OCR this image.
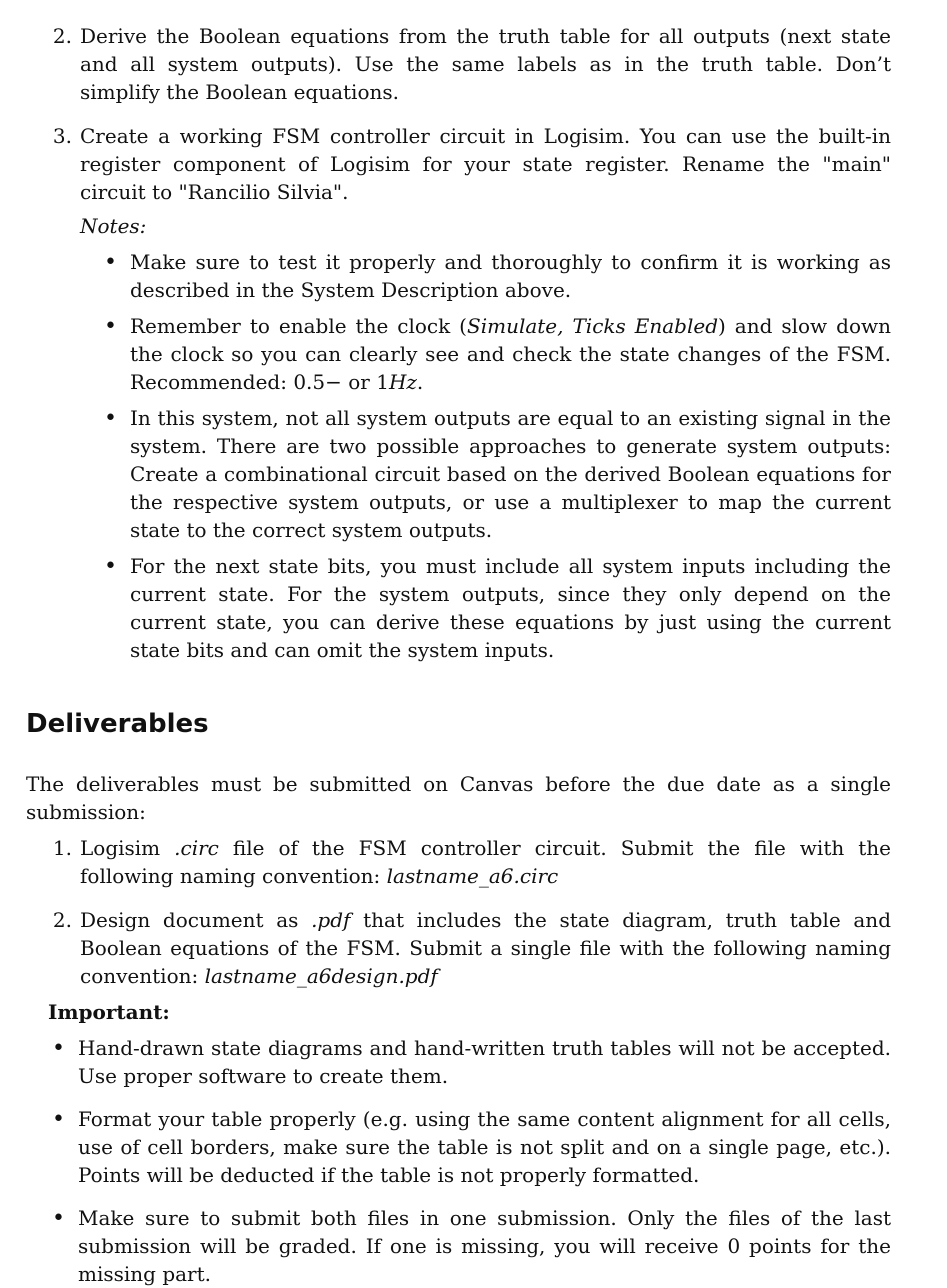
2. Derive the Boolean equations from the truth table for all outputs (next state and all system outputs). Use the same labels as in the truth table. Don’t simplify the Boolean equations.
3. Create a working FSM controller circuit in Logisim. You can use the built-in register component of Logisim for your state register. Rename the "main" circuit to "Rancilio Silvia".
Notes:
•
Make sure to test it properly and thoroughly to confirm it is working as described in the System Description above.
•
Remember to enable the clock (Simulate, Ticks Enabled) and slow down the clock so you can clearly see and check the state changes of the FSM. Recommended: 0.5− or 1Hz.
•
In this system, not all system outputs are equal to an existing signal in the system. There are two possible approaches to generate system outputs: Create a combinational circuit based on the derived Boolean equations for the respective system outputs, or use a multiplexer to map the current state to the correct system outputs.
•
For the next state bits, you must include all system inputs including the current state. For the system outputs, since they only depend on the current state, you can derive these equations by just using the current state bits and can omit the system inputs.
Deliverables
The deliverables must be submitted on Canvas before the due date as a single submission:
1. Logisim .circ file of the FSM controller circuit. Submit the file with the following naming convention: lastname_a6.circ
2. Design document as .pdf that includes the state diagram, truth table and Boolean equations of the FSM. Submit a single file with the following naming convention: lastname_a6design.pdf
Important:
•
Hand-drawn state diagrams and hand-written truth tables will not be accepted. Use proper software to create them.
•
Format your table properly (e.g. using the same content alignment for all cells, use of cell borders, make sure the table is not split and on a single page, etc.). Points will be deducted if the table is not properly formatted.
•
Make sure to submit both files in one submission. Only the files of the last submission will be graded. If one is missing, you will receive 0 points for the missing part.
